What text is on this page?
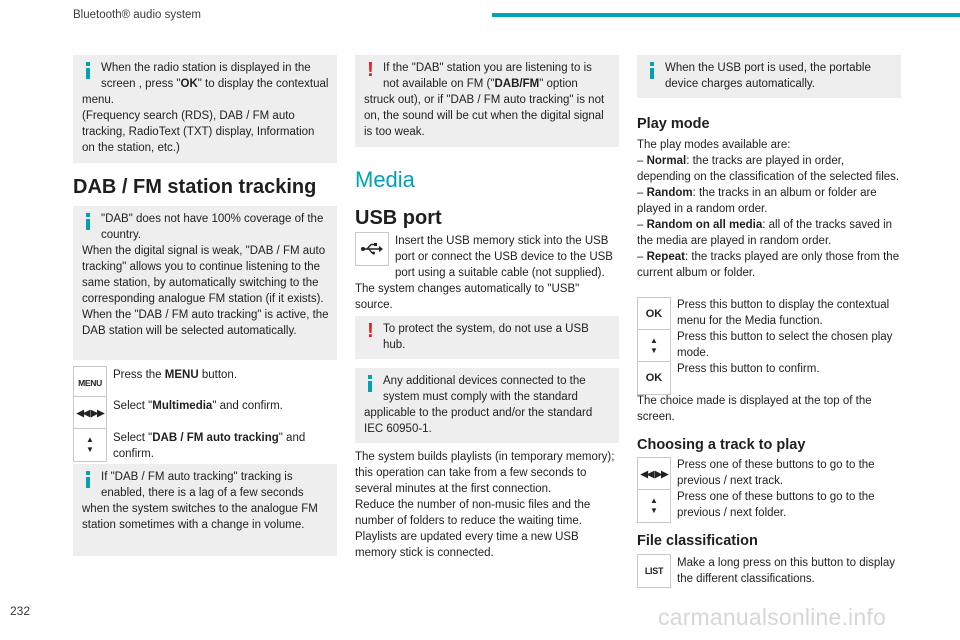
Bluetooth® audio system
232	carmanualsonline.info
When the radio station is displayed in the screen , press "OK" to display the contextual menu.
(Frequency search (RDS), DAB / FM auto tracking, RadioText (TXT) display, Information on the station, etc.)
DAB / FM station tracking
"DAB" does not have 100% coverage of the country.
When the digital signal is weak, "DAB / FM auto tracking" allows you to continue listening to the same station, by automatically switching to the corresponding analogue FM station (if it exists).
When the "DAB / FM auto tracking" is active, the DAB station will be selected automatically.
MENU
Press the MENU button.
◀◀ ▶▶
Select "Multimedia" and confirm.
▲
▼
Select "DAB / FM auto tracking" and confirm.
If "DAB / FM auto tracking" tracking is enabled, there is a lag of a few seconds when the system switches to the analogue FM station sometimes with a change in volume.
! If the "DAB" station you are listening to is not available on FM ("DAB/FM" option struck out), or if "DAB / FM auto tracking" is not on, the sound will be cut when the digital signal is too weak.
Media
USB port
Insert the USB memory stick into the USB port or connect the USB device to the USB port using a suitable cable (not supplied).
The system changes automatically to "USB" source.
! To protect the system, do not use a USB hub.
Any additional devices connected to the system must comply with the standard applicable to the product and/or the standard IEC 60950-1.
The system builds playlists (in temporary memory); this operation can take from a few seconds to several minutes at the first connection.
Reduce the number of non-music files and the number of folders to reduce the waiting time.
Playlists are updated every time a new USB memory stick is connected.
When the USB port is used, the portable device charges automatically.
Play mode
The play modes available are:
– Normal: the tracks are played in order, depending on the classification of the selected files.
– Random: the tracks in an album or folder are played in a random order.
– Random on all media: all of the tracks saved in the media are played in random order.
– Repeat: the tracks played are only those from the current album or folder.
OK
Press this button to display the contextual menu for the Media function.
▲
▼
Press this button to select the chosen play mode.
OK
Press this button to confirm.
The choice made is displayed at the top of the screen.
Choosing a track to play
◀◀ ▶▶
Press one of these buttons to go to the previous / next track.
▲
▼
Press one of these buttons to go to the previous / next folder.
File classification
LIST
Make a long press on this button to display the different classifications.
